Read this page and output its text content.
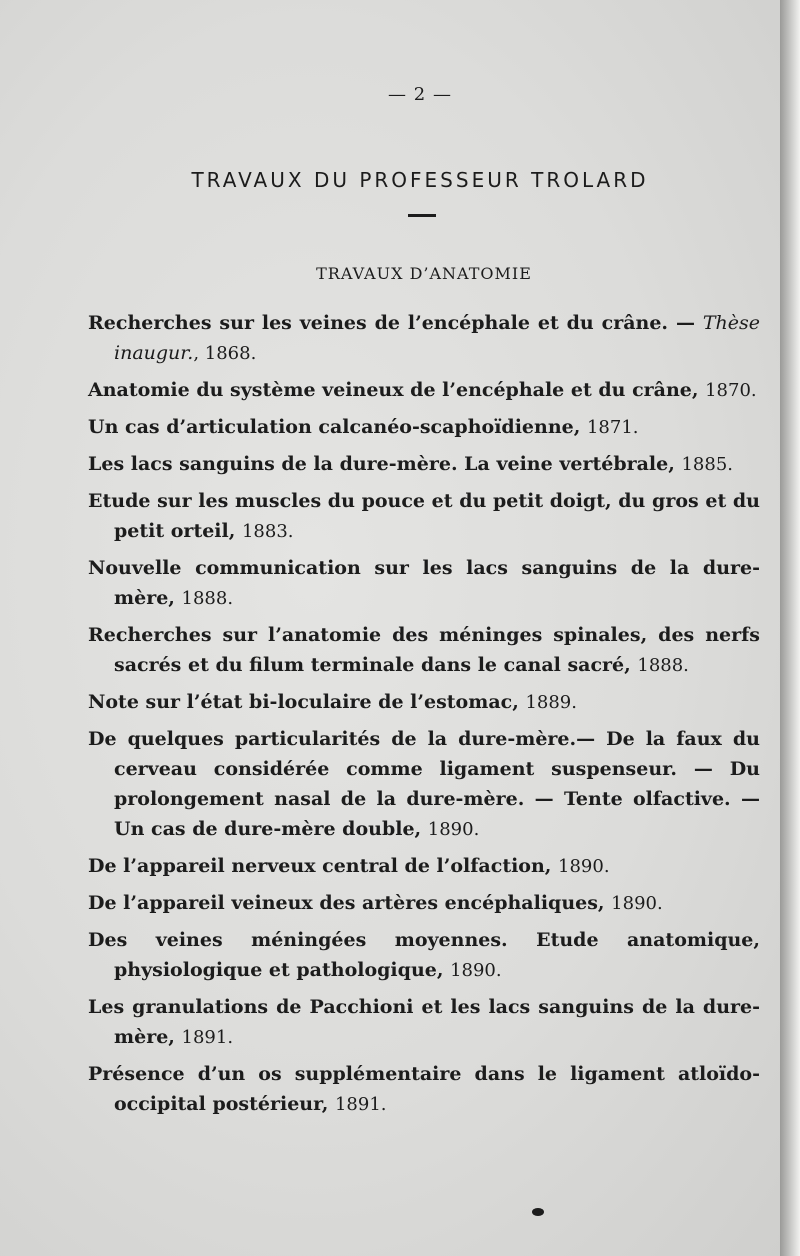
— 2 —
TRAVAUX DU PROFESSEUR TROLARD
TRAVAUX D’ANATOMIE
Recherches sur les veines de l’encéphale et du crâne. — Thèse inaugur., 1868.
Anatomie du système veineux de l’encéphale et du crâne, 1870.
Un cas d’articulation calcanéo-scaphoïdienne, 1871.
Les lacs sanguins de la dure-mère. La veine vertébrale, 1885.
Etude sur les muscles du pouce et du petit doigt, du gros et du petit orteil, 1883.
Nouvelle communication sur les lacs sanguins de la dure-mère, 1888.
Recherches sur l’anatomie des méninges spinales, des nerfs sacrés et du filum terminale dans le canal sacré, 1888.
Note sur l’état bi-loculaire de l’estomac, 1889.
De quelques particularités de la dure-mère.— De la faux du cerveau considérée comme ligament suspenseur. — Du prolongement nasal de la dure-mère. — Tente olfactive. — Un cas de dure-mère double, 1890.
De l’appareil nerveux central de l’olfaction, 1890.
De l’appareil veineux des artères encéphaliques, 1890.
Des veines méningées moyennes. Etude anatomique, physiologique et pathologique, 1890.
Les granulations de Pacchioni et les lacs sanguins de la dure-mère, 1891.
Présence d’un os supplémentaire dans le ligament atloïdo-occipital postérieur, 1891.
